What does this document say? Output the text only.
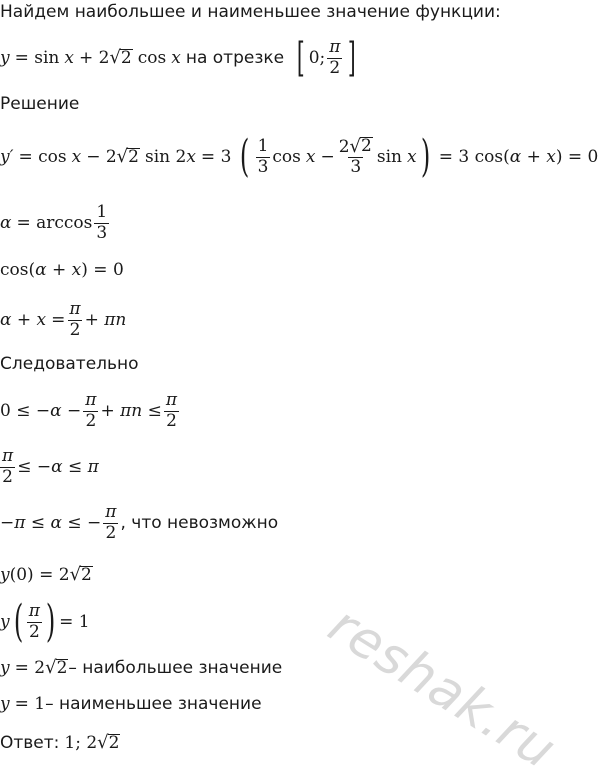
Найдем наибольшее и наименьшее значение функции:
y = sin x + 2 √ 2 cos x на отрезке [ 0; $\frac{\pi}{2}$ ]
Решение
y′ = cos x − 2 √ 2 sin 2 x = 3 ( $\frac{1}{3}$ $\cos x - \frac{2 √ 2}{3}$ sin x ) = 3 cos( α + x ) = 0
$\alpha = \arccos \frac{1}{3}$
cos( α + x ) = 0
$\alpha + x = \frac{\pi}{2} + \pi n$
Следовательно
0 ≤ − $\alpha - \frac{\pi}{2} + \pi n \le \frac{\pi}{2}$
$\frac{\pi}{2}$ ≤ − α ≤ π
− π ≤ α ≤ − $\frac{\pi}{2}$ , что невозможно
y (0) = 2 √ 2
y ( $\frac{\pi}{2}$ ) = 1
y = 2 √ 2 – наибольшее значение
y = 1 – наименьшее значение
Ответ: 1; 2 √ 2	reshak.ru
